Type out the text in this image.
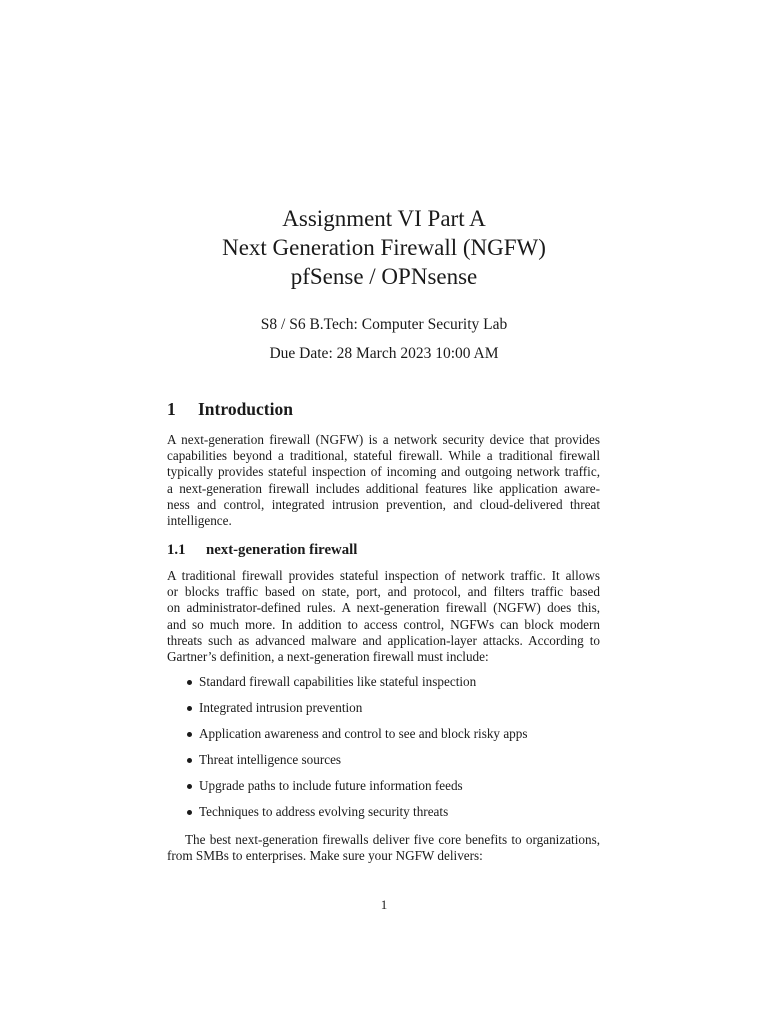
Assignment VI Part A
Next Generation Firewall (NGFW)
pfSense / OPNsense
S8 / S6 B.Tech: Computer Security Lab
Due Date: 28 March 2023 10:00 AM
1 Introduction
A next-generation firewall (NGFW) is a network security device that provides
capabilities beyond a traditional, stateful firewall. While a traditional firewall
typically provides stateful inspection of incoming and outgoing network traffic,
a next-generation firewall includes additional features like application aware-
ness and control, integrated intrusion prevention, and cloud-delivered threat
intelligence.
1.1 next-generation firewall
A traditional firewall provides stateful inspection of network traffic. It allows
or blocks traffic based on state, port, and protocol, and filters traffic based
on administrator-defined rules. A next-generation firewall (NGFW) does this,
and so much more. In addition to access control, NGFWs can block modern
threats such as advanced malware and application-layer attacks. According to
Gartner’s definition, a next-generation firewall must include:
Standard firewall capabilities like stateful inspection
Integrated intrusion prevention
Application awareness and control to see and block risky apps
Threat intelligence sources
Upgrade paths to include future information feeds
Techniques to address evolving security threats
The best next-generation firewalls deliver five core benefits to organizations,
from SMBs to enterprises. Make sure your NGFW delivers:
1
